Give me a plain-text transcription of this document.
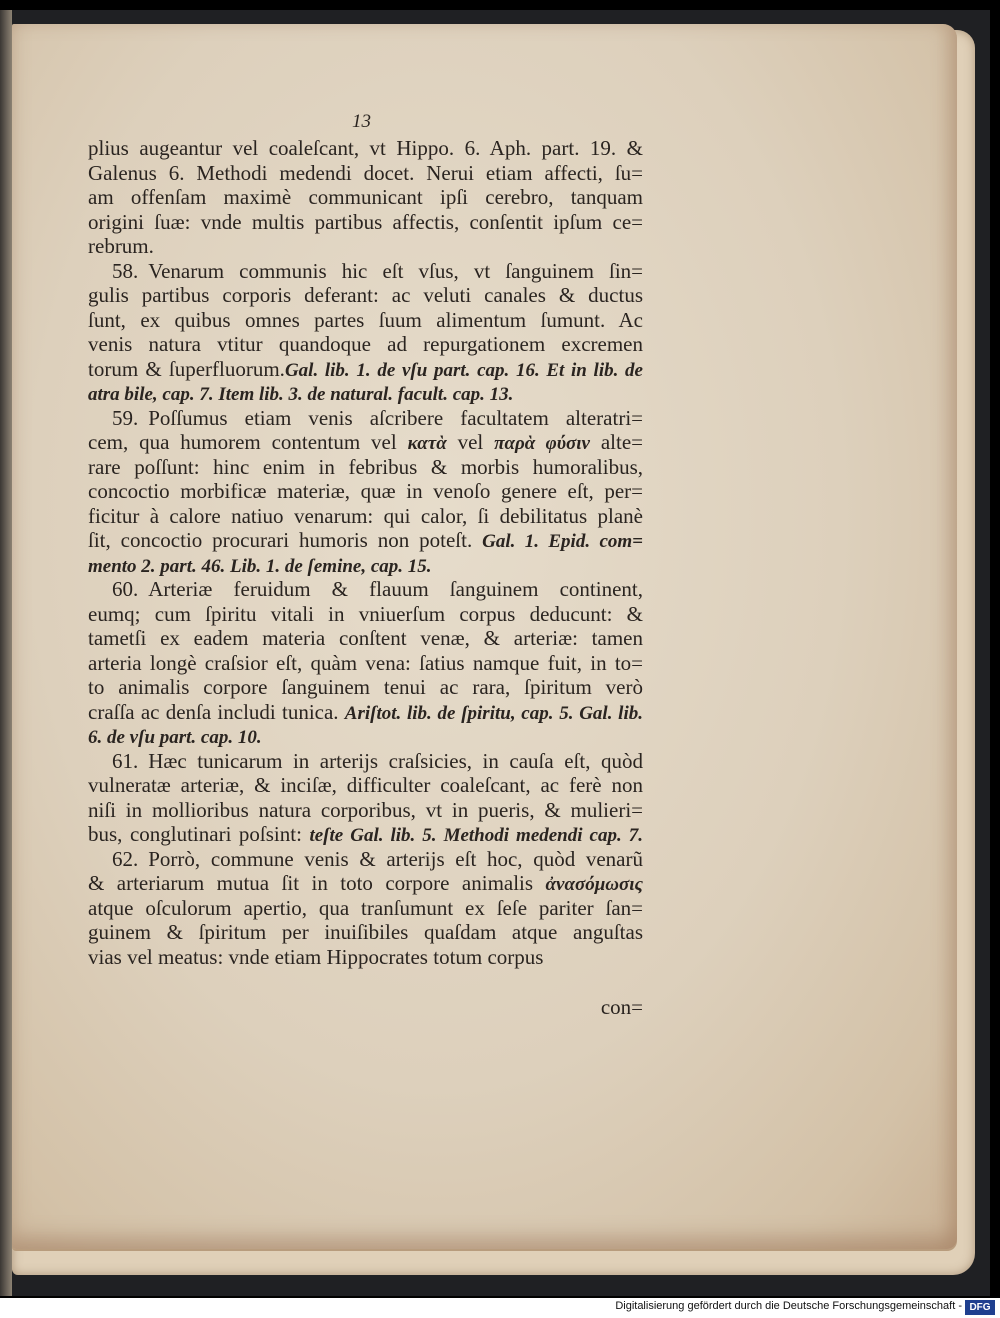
13
plius augeantur vel coaleſcant, vt Hippo. 6. Aph. part. 19. &
Galenus 6. Methodi medendi docet. Nerui etiam affecti, ſu=
am offenſam maximè communicant ipſi cerebro, tanquam
origini ſuæ: vnde multis partibus affectis, conſentit ipſum ce=
rebrum.
58. Venarum communis hic eſt vſus, vt ſanguinem ſin=
gulis partibus corporis deferant: ac veluti canales & ductus
ſunt, ex quibus omnes partes ſuum alimentum ſumunt. Ac
venis natura vtitur quandoque ad repurgationem excremen
torum & ſuperfluorum.Gal. lib. 1. de vſu part. cap. 16. Et in lib. de
atra bile, cap. 7. Item lib. 3. de natural. facult. cap. 13.
59. Poſſumus etiam venis aſcribere facultatem alteratri=
cem, qua humorem contentum vel κατὰ vel παρὰ φύσιν alte=
rare poſſunt: hinc enim in febribus & morbis humoralibus,
concoctio morbificæ materiæ, quæ in venoſo genere eſt, per=
ficitur à calore natiuo venarum: qui calor, ſi debilitatus planè
ſit, concoctio procurari humoris non poteſt. Gal. 1. Epid. com=
mento 2. part. 46. Lib. 1. de ſemine, cap. 15.
60. Arteriæ feruidum & flauum ſanguinem continent,
eumq; cum ſpiritu vitali in vniuerſum corpus deducunt: &
tametſi ex eadem materia conſtent venæ, & arteriæ: tamen
arteria longè craſsior eſt, quàm vena: ſatius namque fuit, in to=
to animalis corpore ſanguinem tenui ac rara, ſpiritum verò
craſſa ac denſa includi tunica. Ariſtot. lib. de ſpiritu, cap. 5. Gal. lib.
6. de vſu part. cap. 10.
61. Hæc tunicarum in arterijs craſsicies, in cauſa eſt, quòd
vulneratæ arteriæ, & inciſæ, difficulter coaleſcant, ac ferè non
niſi in mollioribus natura corporibus, vt in pueris, & mulieri=
bus, conglutinari poſsint: teſte Gal. lib. 5. Methodi medendi cap. 7.
62. Porrò, commune venis & arterijs eſt hoc, quòd venarũ
& arteriarum mutua ſit in toto corpore animalis ἀνασόμωσις
atque oſculorum apertio, qua tranſumunt ex ſeſe pariter ſan=
guinem & ſpiritum per inuiſibiles quaſdam atque anguſtas
vias vel meatus: vnde etiam Hippocrates totum corpus
con=
Digitalisierung gefördert durch die Deutsche Forschungsgemeinschaft - DFG
